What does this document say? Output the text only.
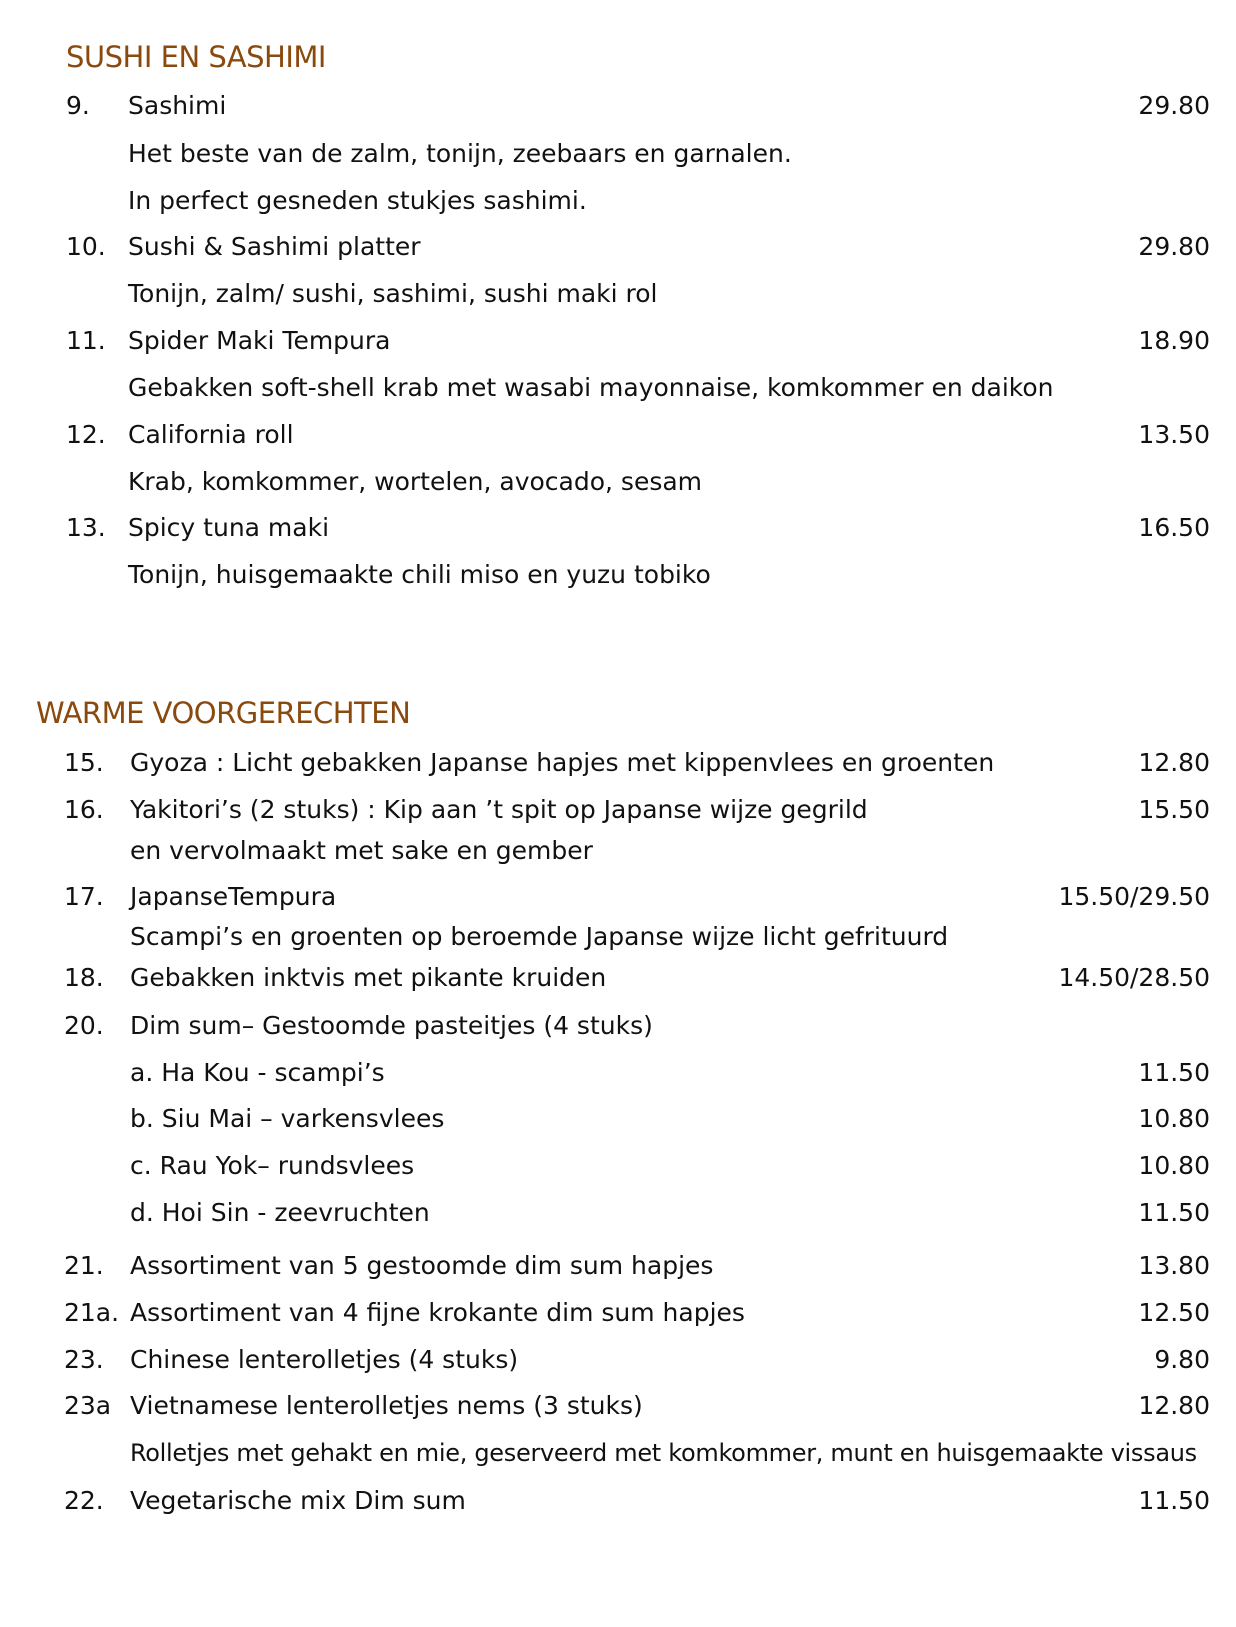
SUSHI EN SASHIMI
9. Sashimi	29.80
Het beste van de zalm, tonijn, zeebaars en garnalen.
In perfect gesneden stukjes sashimi.
10. Sushi & Sashimi platter	29.80
Tonijn, zalm/ sushi, sashimi, sushi maki rol
11. Spider Maki Tempura	18.90
Gebakken soft-shell krab met wasabi mayonnaise, komkommer en daikon
12. California roll	13.50
Krab, komkommer, wortelen, avocado, sesam
13. Spicy tuna maki	16.50
Tonijn, huisgemaakte chili miso en yuzu tobiko
WARME VOORGERECHTEN
15. Gyoza : Licht gebakken Japanse hapjes met kippenvlees en groenten	12.80
16. Yakitori’s (2 stuks) : Kip aan ’t spit op Japanse wijze gegrild	15.50
en vervolmaakt met sake en gember
17. JapanseTempura	15.50/29.50
Scampi’s en groenten op beroemde Japanse wijze licht gefrituurd
18. Gebakken inktvis met pikante kruiden	14.50/28.50
20. Dim sum– Gestoomde pasteitjes (4 stuks)
a. Ha Kou - scampi’s	11.50
b. Siu Mai – varkensvlees	10.80
c. Rau Yok– rundsvlees	10.80
d. Hoi Sin - zeevruchten	11.50
21. Assortiment van 5 gestoomde dim sum hapjes	13.80
21a. Assortiment van 4 fijne krokante dim sum hapjes	12.50
23. Chinese lenterolletjes (4 stuks)	9.80
23a Vietnamese lenterolletjes nems (3 stuks)	12.80
Rolletjes met gehakt en mie, geserveerd met komkommer, munt en huisgemaakte vissaus
22. Vegetarische mix Dim sum	11.50
